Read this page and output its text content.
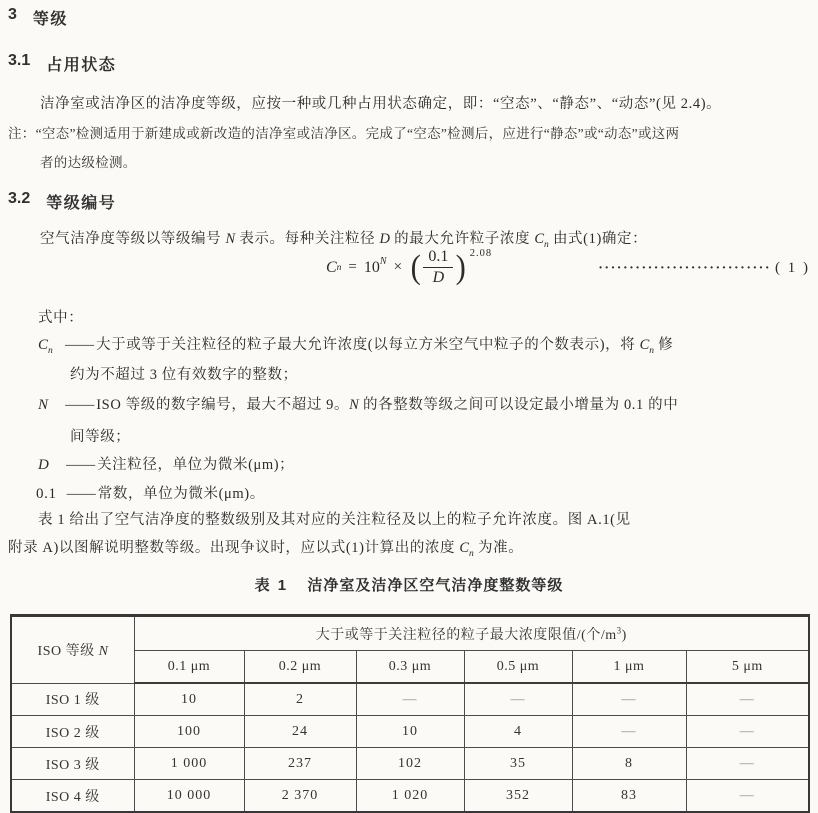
3 等级
3.1 占用状态
洁净室或洁净区的洁净度等级，应按一种或几种占用状态确定，即：“空态”、“静态”、“动态”(见 2.4)。
注：“空态”检测适用于新建成或新改造的洁净室或洁净区。完成了“空态”检测后，应进行“静态”或“动态”或这两
者的达级检测。
3.2 等级编号
空气洁净度等级以等级编号 N 表示。每种关注粒径 D 的最大允许粒子浓度 $C_n$ 由式(1)确定：
C $n = 10^N$ × ( $\frac{0.1}{D}$ ) 2.08
···························· ( 1 )
式中：
$C_n$ —— 大于或等于关注粒径的粒子最大允许浓度(以每立方米空气中粒子的个数表示)，将 $C_n$ 修
约为不超过 3 位有效数字的整数；
N —— ISO 等级的数字编号，最大不超过 9。N 的各整数等级之间可以设定最小增量为 0.1 的中
间等级；
D —— 关注粒径，单位为微米(μm)；
0.1 —— 常数，单位为微米(μm)。
表 1 给出了空气洁净度的整数级别及其对应的关注粒径及以上的粒子允许浓度。图 A.1(见
附录 A)以图解说明整数等级。出现争议时，应以式(1)计算出的浓度 $C_n$ 为准。
表 1 洁净室及洁净区空气洁净度整数等级
ISO 等级 N	大于或等于关注粒径的粒子最大浓度限值/(个$/m^3$)					
	0.1 μm	0.2 μm	0.3 μm	0.5 μm	1 μm	5 μm
ISO 1 级	10	2	—	—	—	—
ISO 2 级	100	24	10	4	—	—
ISO 3 级	1 000	237	102	35	8	—
ISO 4 级	10 000	2 370	1 020	352	83	—
